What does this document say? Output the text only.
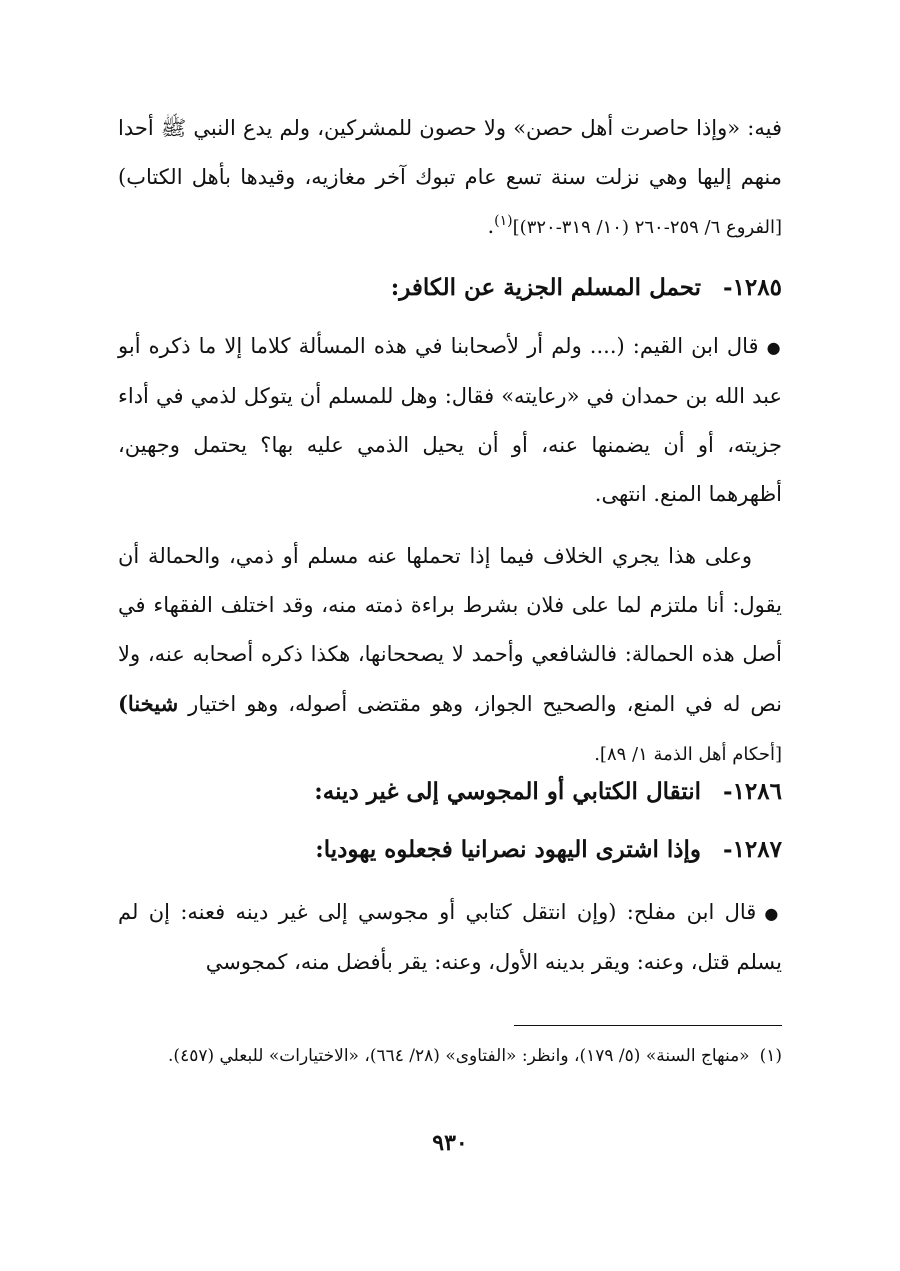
فيه: «وإذا حاصرت أهل حصن» ولا حصون للمشركين، ولم يدع النبي ﷺ أحدا منهم إليها وهي نزلت سنة تسع عام تبوك آخر مغازيه، وقيدها بأهل الكتاب) [الفروع ٦/ ٢٥٩-٢٦٠ (١٠/ ٣١٩-٣٢٠)]$^{(١)}$.
١٢٨٥-تحمل المسلم الجزية عن الكافر:
●قال ابن القيم: (.... ولم أر لأصحابنا في هذه المسألة كلاما إلا ما ذكره أبو عبد الله بن حمدان في «رعايته» فقال: وهل للمسلم أن يتوكل لذمي في أداء جزيته، أو أن يضمنها عنه، أو أن يحيل الذمي عليه بها؟ يحتمل وجهين، أظهرهما المنع. انتهى.
وعلى هذا يجري الخلاف فيما إذا تحملها عنه مسلم أو ذمي، والحمالة أن يقول: أنا ملتزم لما على فلان بشرط براءة ذمته منه، وقد اختلف الفقهاء في أصل هذه الحمالة: فالشافعي وأحمد لا يصححانها، هكذا ذكره أصحابه عنه، ولا نص له في المنع، والصحيح الجواز، وهو مقتضى أصوله، وهو اختيار شيخنا) [أحكام أهل الذمة ١/ ٨٩].
١٢٨٦-انتقال الكتابي أو المجوسي إلى غير دينه:
١٢٨٧-وإذا اشترى اليهود نصرانيا فجعلوه يهوديا:
●قال ابن مفلح: (وإن انتقل كتابي أو مجوسي إلى غير دينه فعنه: إن لم يسلم قتل، وعنه: ويقر بدينه الأول، وعنه: يقر بأفضل منه، كمجوسي
(١)«منهاج السنة» (٥/ ١٧٩)، وانظر: «الفتاوى» (٢٨/ ٦٦٤)، «الاختيارات» للبعلي (٤٥٧).
٩٣٠
